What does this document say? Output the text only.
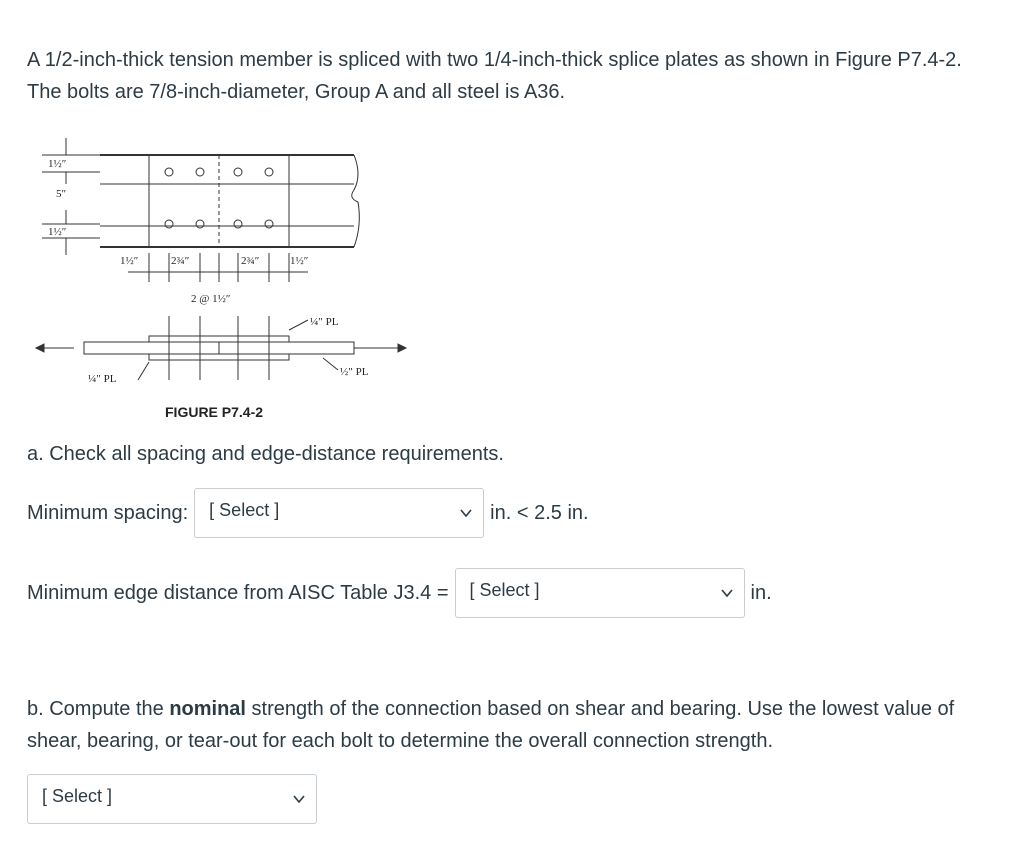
A 1/2-inch-thick tension member is spliced with two 1/4-inch-thick splice plates as shown in Figure P7.4-2. The bolts are 7/8-inch-diameter, Group A and all steel is A36.

1½″
5″
1½″
1½″	2¾″	2¾″	1½″
2 @ 1½″
¼″ PL
¼″ PL
½″ PL
FIGURE P7.4-2

a. Check all spacing and edge-distance requirements.

Minimum spacing: [ Select ]	in. < 2.5 in.
Minimum edge distance from AISC Table J3.4 = [ Select ]	in.

b. Compute the nominal strength of the connection based on shear and bearing. Use the lowest value of shear, bearing, or tear-out for each bolt to determine the overall connection strength.

[ Select ]
